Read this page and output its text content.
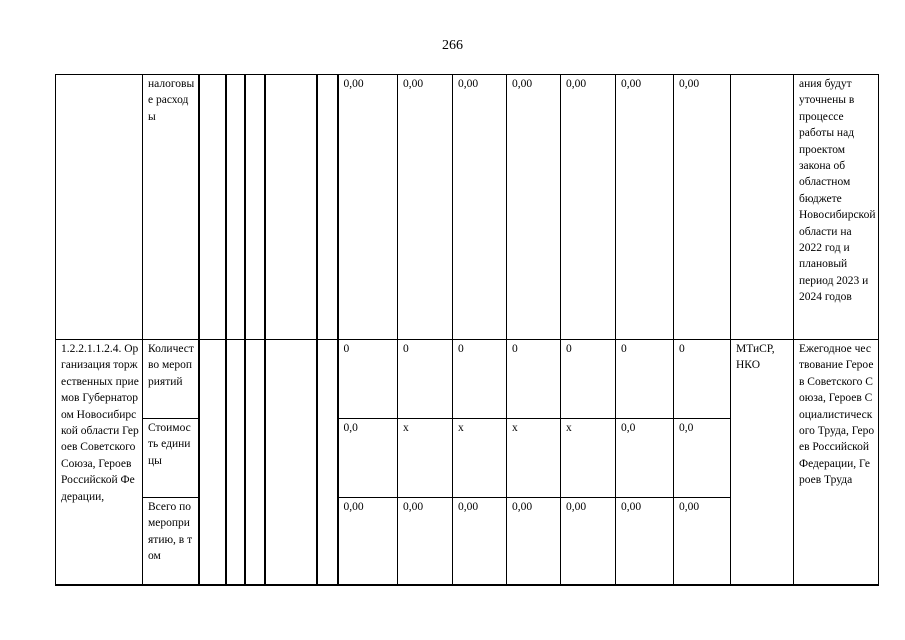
266
	налоговые расходы						0,00	0,00	0,00	0,00	0,00	0,00	0,00		ания будут уточнены в процессе работы над проектом закона об областном бюджете Новосибирской области на 2022 год и плановый период 2023 и 2024 годов
1.2.2.1.1.2.4. Организация торжественных приемов Губернатором Новосибирской области Героев Советского Союза, Героев Российской Федерации,	Количество мероприятий						0	0	0	0	0	0	0	МТиСР, НКО	Ежегодное чествование Героев Советского Союза, Героев Социалистического Труда, Героев Российской Федерации, Героев Труда
	Стоимость единицы						0,0	х	х	х	х	0,0	0,0		
	Всего по мероприятию, в том						0,00	0,00	0,00	0,00	0,00	0,00	0,00		
